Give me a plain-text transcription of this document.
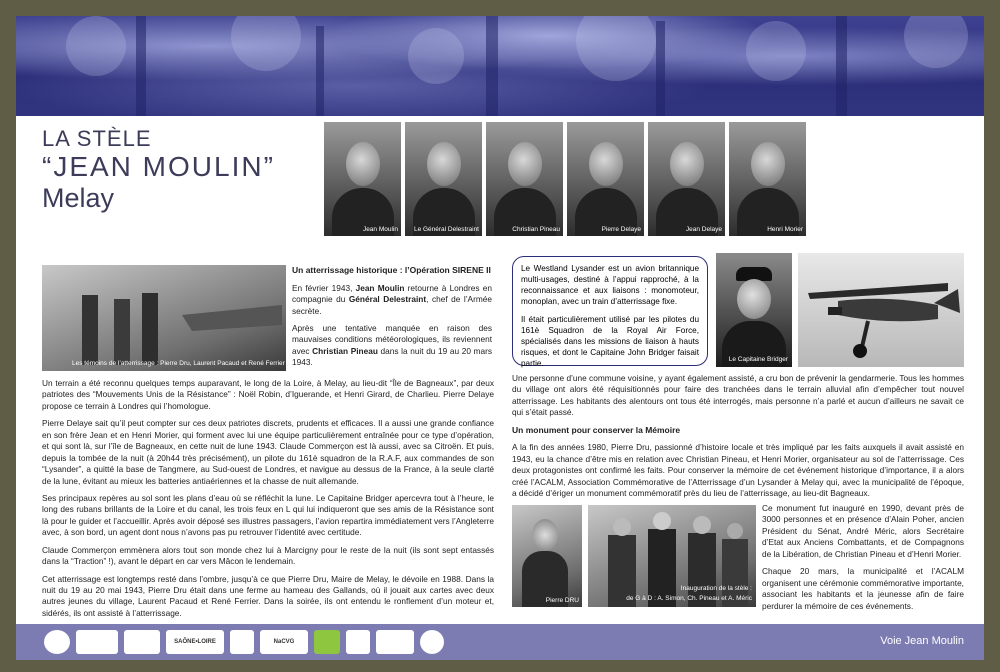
LA STÈLE
“JEAN MOULIN”
Melay
Jean Moulin Le Général Delestraint	Christian Pineau	Pierre Delaye	Jean Delaye	Henri Morier
Les témoins de l’atterrissage : Pierre Dru, Laurent Pacaud et René Ferrier
Un atterrissage historique : l’Opération SIRENE II

En février 1943, Jean Moulin retourne à Londres en compagnie du Général Delestraint, chef de l’Armée secrète.

Après une tentative manquée en raison des mauvaises conditions météorologiques, ils reviennent avec Christian Pineau dans la nuit du 19 au 20 mars 1943.

Un terrain a été reconnu quelques temps auparavant, le long de la Loire, à Melay, au lieu-dit “Île de Bagneaux”, par deux patriotes des “Mouvements Unis de la Résistance” : Noël Robin, d’Iguerande, et Henri Girard, de Charlieu. Pierre Delaye propose ce terrain à Londres qui l’homologue.

Pierre Delaye sait qu’il peut compter sur ces deux patriotes discrets, prudents et efficaces. Il a aussi une grande confiance en son frère Jean et en Henri Morier, qui forment avec lui une équipe particulièrement entraînée pour ce type d’opération, et qui sont là, sur l’île de Bagneaux, en cette nuit de lune 1943. Claude Commerçon est là aussi, avec sa Citroën. Et puis, depuis la tombée de la nuit (à 20h44 très précisément), un pilote du 161è squadron de la R.A.F, aux commandes de son “Lysander”, a quitté la base de Tangmere, au Sud-ouest de Londres, et navigue au dessus de la France, à la seule clarté de la lune, évitant au mieux les batteries antiaériennes et la chasse de nuit allemande.

Ses principaux repères au sol sont les plans d’eau où se réfléchit la lune. Le Capitaine Bridger apercevra tout à l’heure, le long des rubans brillants de la Loire et du canal, les trois feux en L qui lui indiqueront que ses amis de la Résistance sont là pour le guider et l’accueillir. Après avoir déposé ses illustres passagers, l’avion repartira immédiatement vers l’Angleterre avec, à son bord, un agent dont nous n’avons pas pu retrouver l’identité avec certitude.

Claude Commerçon emmènera alors tout son monde chez lui à Marcigny pour le reste de la nuit (ils sont sept entassés dans la “Traction” !), avant le départ en car vers Mâcon le lendemain.

Cet atterrissage est longtemps resté dans l’ombre, jusqu’à ce que Pierre Dru, Maire de Melay, le dévoile en 1988. Dans la nuit du 19 au 20 mai 1943, Pierre Dru était dans une ferme au hameau des Gallands, où il jouait aux cartes avec deux autres jeunes du village, Laurent Pacaud et René Ferrier. Dans la soirée, ils ont entendu le ronflement d’un moteur et, sidérés, ils ont assisté à l’atterrissage.

Le Westland Lysander est un avion britannique multi-usages, destiné à l’appui rapproché, à la reconnaissance et aux liaisons : monomoteur, monoplan, avec un train d’atterrissage fixe.

Il était particulièrement utilisé par les pilotes du 161è Squadron de la Royal Air Force, spécialisés dans les missions de liaison à hauts risques, et dont le Capitaine John Bridger faisait partie.	Le Capitaine Bridger

Une personne d’une commune voisine, y ayant également assisté, a cru bon de prévenir la gendarmerie. Tous les hommes du village ont alors été réquisitionnés pour faire des tranchées dans le terrain alluvial afin d’empêcher tout nouvel atterrissage. Les habitants des alentours ont tous été interrogés, mais personne n’a parlé et aucun d’ailleurs ne savait ce qui s’était passé.

Un monument pour conserver la Mémoire

A la fin des années 1980, Pierre Dru, passionné d’histoire locale et très impliqué par les faits auxquels il avait assisté en 1943, eu la chance d’être mis en relation avec Christian Pineau, et Henri Morier, organisateur au sol de l’atterrissage. Ces deux protagonistes ont confirmé les faits. Pour conserver la mémoire de cet événement historique d’importance, il a alors créé l’ACALM, Association Commémorative de l’Atterrissage d’un Lysander à Melay qui, avec la municipalité de l’époque, a décidé d’ériger un monument commémoratif près du lieu de l’atterrissage, au lieu-dit Bagneaux.

Pierre DRU
Inauguration de la stèle :
de G à D : A. Simon, Ch. Pineau et A. Méric

Ce monument fut inauguré en 1990, devant près de 3000 personnes et en présence d’Alain Poher, ancien Président du Sénat, André Méric, alors Secrétaire d’Etat aux Anciens Combattants, et de Compagnons de la Libération, de Christian Pineau et d’Henri Morier.

Chaque 20 mars, la municipalité et l’ACALM organisent une cérémonie commémorative importante, associant les habitants et la jeunesse afin de faire perdurer la mémoire de ces événements.

SAÔNE•LOIRE	NaCVG	Voie Jean Moulin
